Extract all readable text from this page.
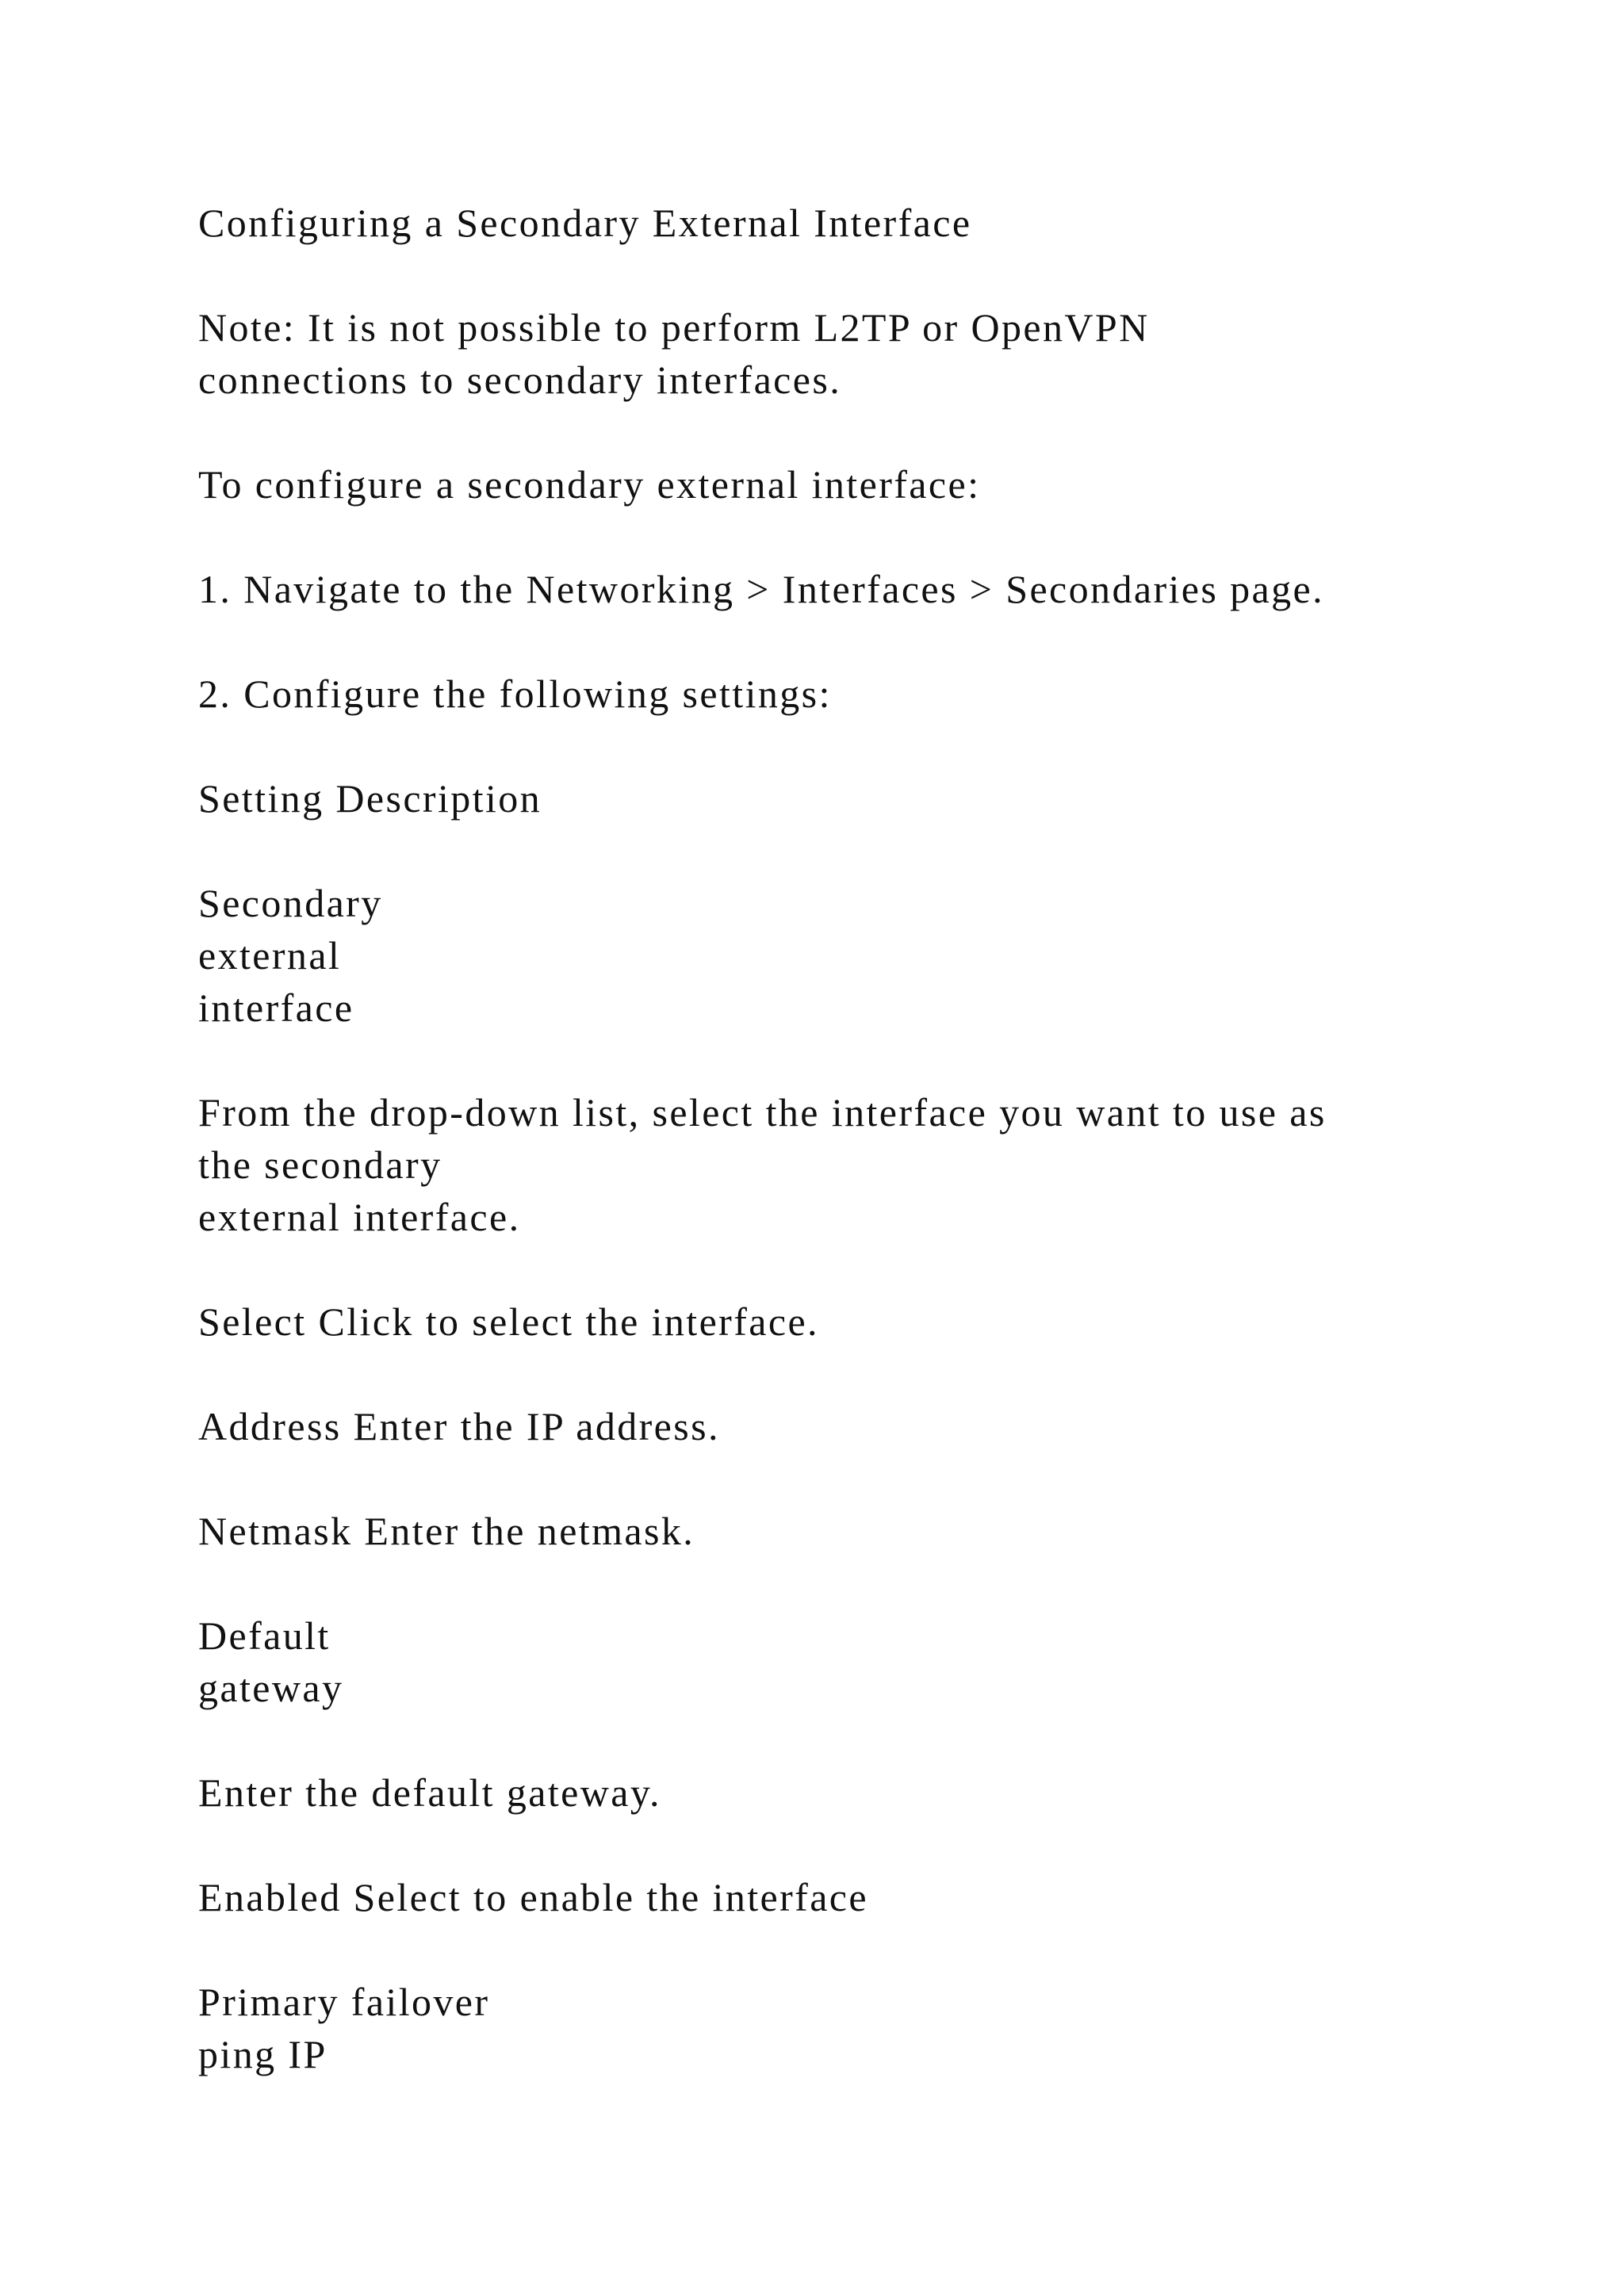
Configuring a Secondary External Interface

Note: It is not possible to perform L2TP or OpenVPN

connections to secondary interfaces.

To configure a secondary external interface:

1. Navigate to the Networking > Interfaces > Secondaries page.

2. Configure the following settings:

Setting Description

Secondary

external

interface

From the drop-down list, select the interface you want to use as

the secondary

external interface.

Select Click to select the interface.

Address Enter the IP address.

Netmask Enter the netmask.

Default

gateway

Enter the default gateway.

Enabled Select to enable the interface

Primary failover

ping IP
